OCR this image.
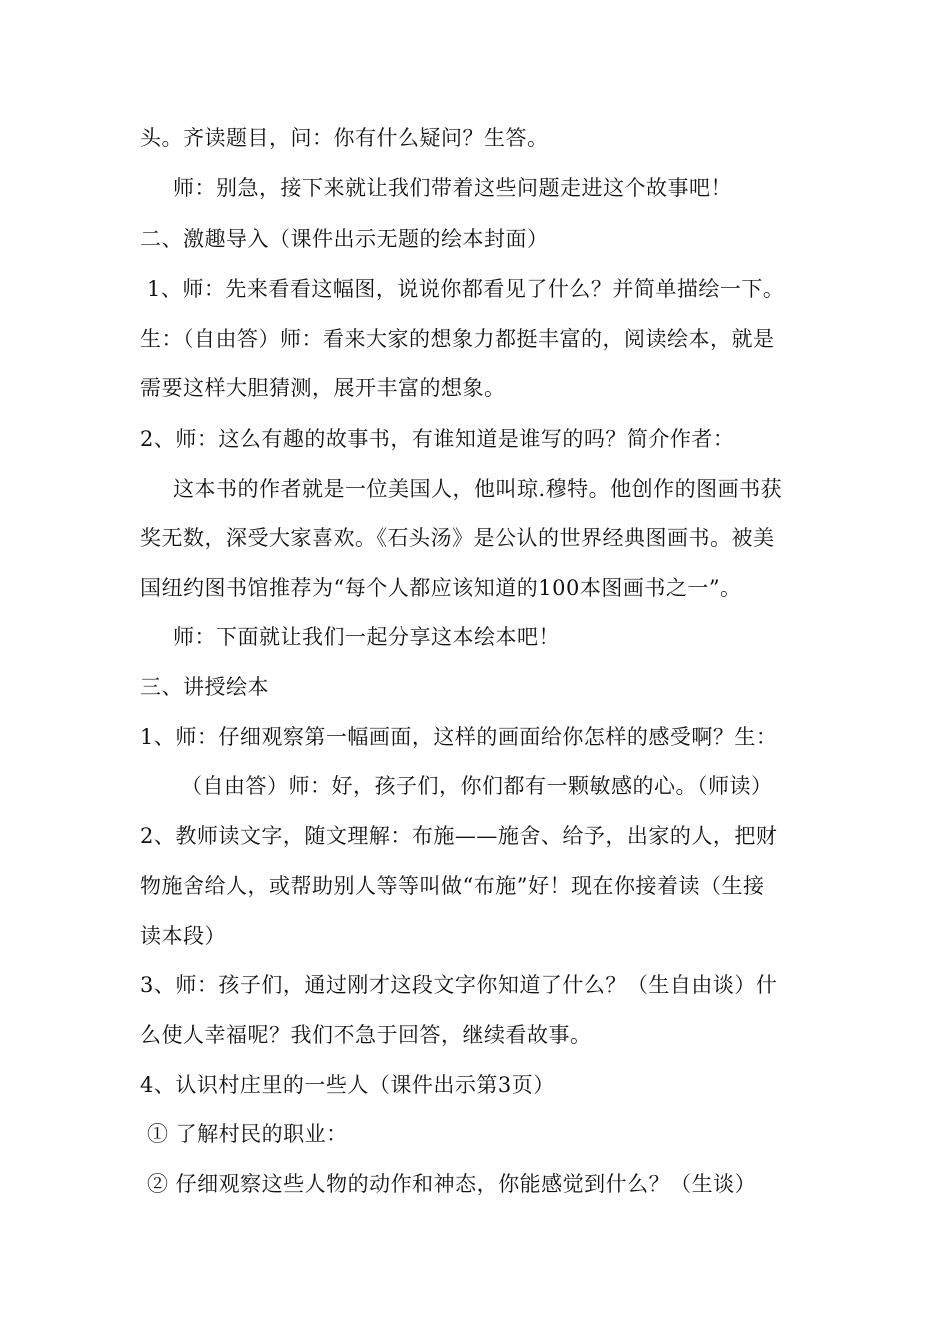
头。齐读题目，问：你有什么疑问？生答。
师：别急，接下来就让我们带着这些问题走进这个故事吧！
二、激趣导入（课件出示无题的绘本封面）
1、师：先来看看这幅图，说说你都看见了什么？并简单描绘一下。
生：（自由答）师：看来大家的想象力都挺丰富的，阅读绘本，就是
需要这样大胆猜测，展开丰富的想象。
2、师：这么有趣的故事书，有谁知道是谁写的吗？简介作者：
这本书的作者就是一位美国人，他叫琼.穆特。他创作的图画书获
奖无数，深受大家喜欢。《石头汤》是公认的世界经典图画书。被美
国纽约图书馆推荐为“每个人都应该知道的100本图画书之一”。
师：下面就让我们一起分享这本绘本吧！
三、讲授绘本
1、师：仔细观察第一幅画面，这样的画面给你怎样的感受啊？生：
（自由答）师：好，孩子们，你们都有一颗敏感的心。（师读）
2、教师读文字，随文理解：布施——施舍、给予，出家的人，把财
物施舍给人，或帮助别人等等叫做“布施”好！现在你接着读（生接
读本段）
3、师：孩子们，通过刚才这段文字你知道了什么？（生自由谈）什
么使人幸福呢？我们不急于回答，继续看故事。
4、认识村庄里的一些人（课件出示第3页）
① 了解村民的职业：
② 仔细观察这些人物的动作和神态，你能感觉到什么？（生谈）
